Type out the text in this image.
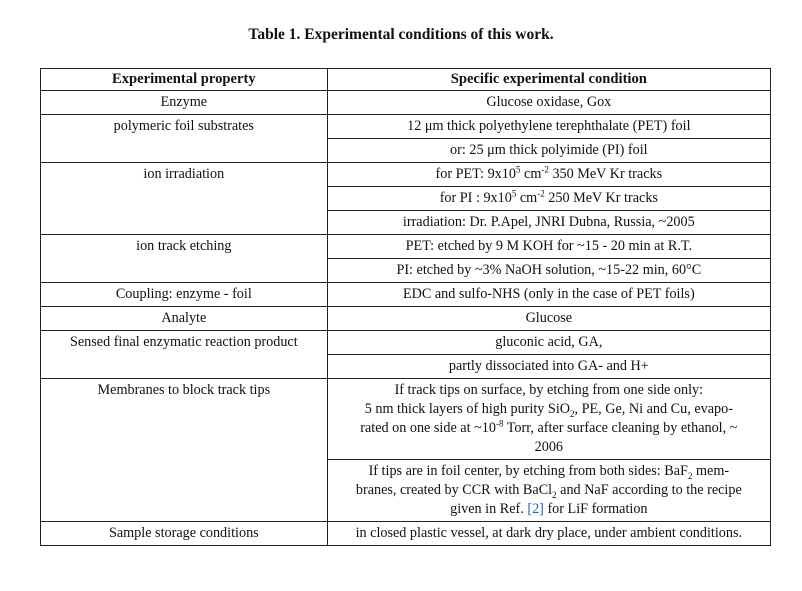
Table 1. Experimental conditions of this work.
Experimental property	Specific experimental condition
Enzyme	Glucose oxidase, Gox
polymeric foil substrates	12 μm thick polyethylene terephthalate (PET) foil
	or: 25 μm thick polyimide (PI) foil
ion irradiation	for PET: $9x10^5$ $cm^{-2}$ 350 MeV Kr tracks
	for PI : $9x10^5$ $cm^{-2}$ 250 MeV Kr tracks
	irradiation: Dr. P.Apel, JNRI Dubna, Russia, ~2005
ion track etching	PET: etched by 9 M KOH for ~15 - 20 min at R.T.
	PI: etched by ~3% NaOH solution, ~15-22 min, 60°C
Coupling: enzyme - foil	EDC and sulfo-NHS (only in the case of PET foils)
Analyte	Glucose
Sensed final enzymatic reaction product	gluconic acid, GA,
	partly dissociated into GA- and H+
Membranes to block track tips	If track tips on surface, by etching from one side only:
5 nm thick layers of high purity SiO$_2$, PE, Ge, Ni and Cu, evapo-
rated on one side at $\sim 10^{-8}$ Torr, after surface cleaning by ethanol, ~
2006
	If tips are in foil center, by etching from both sides: BaF$_2$ mem-
branes, created by CCR with BaCl$_2$ and NaF according to the recipe
given in Ref. [2] for LiF formation
Sample storage conditions	in closed plastic vessel, at dark dry place, under ambient conditions.
